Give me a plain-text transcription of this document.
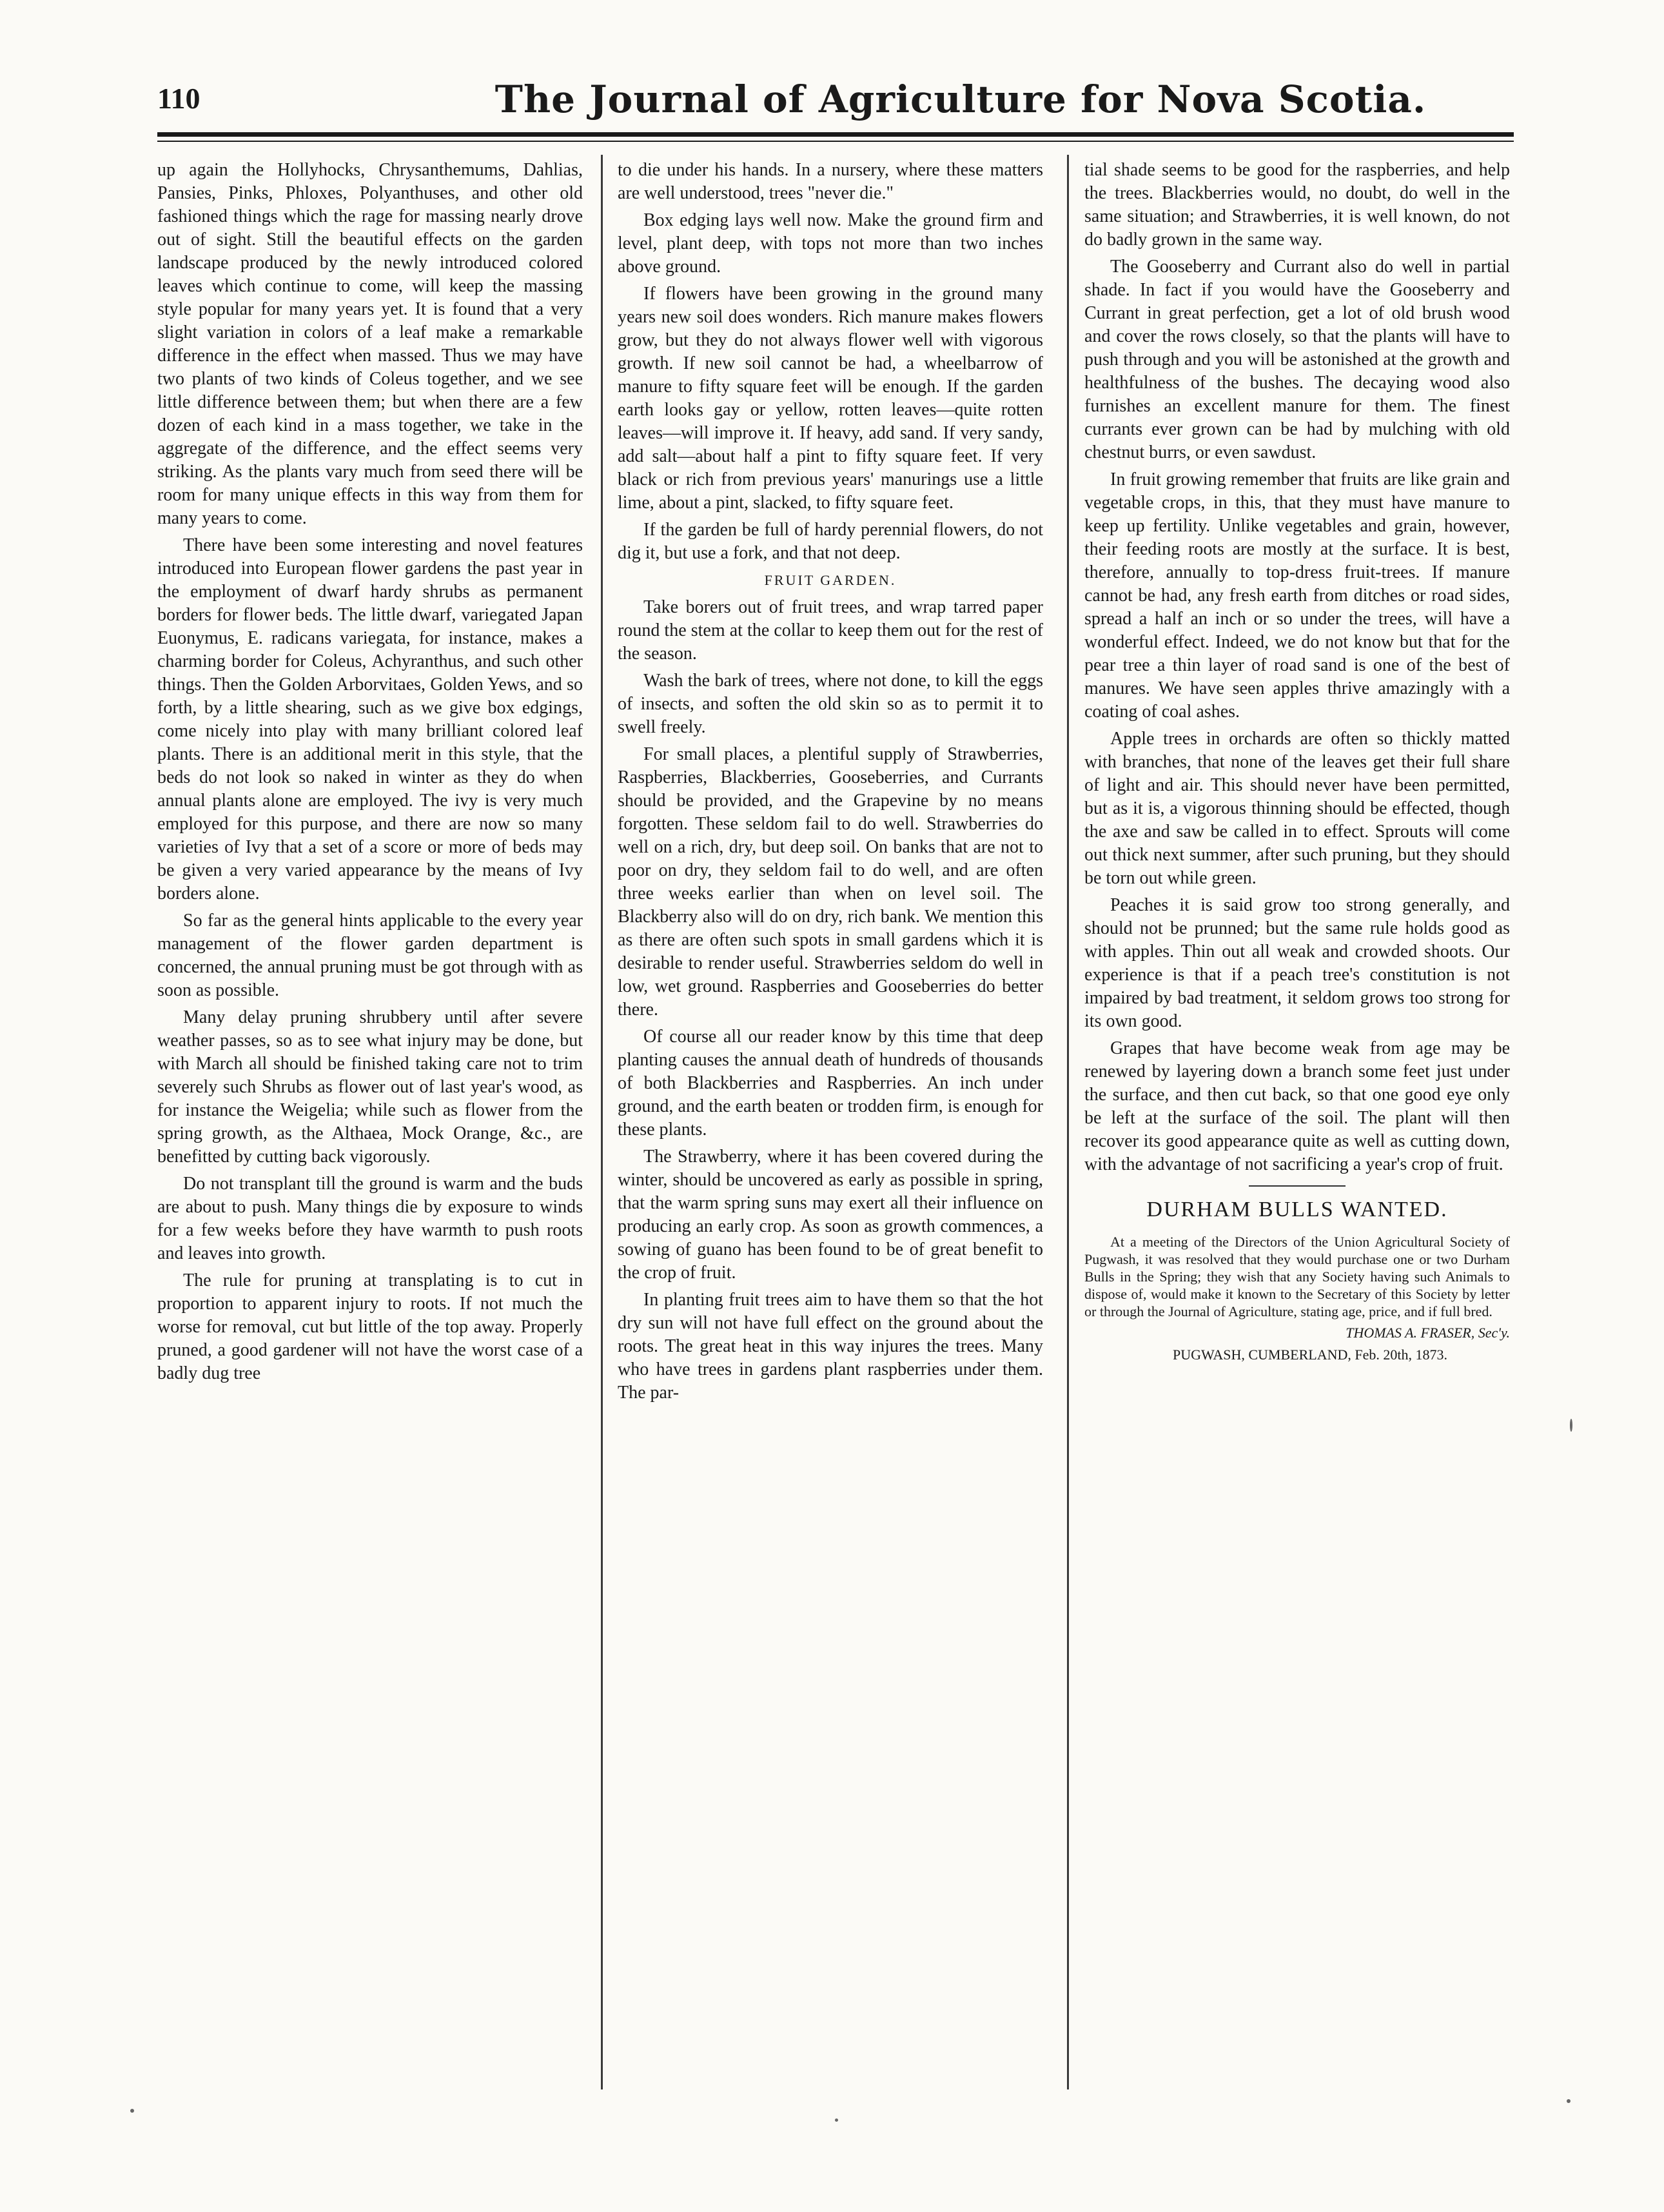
110	The Journal of Agriculture for Nova Scotia.

up again the Hollyhocks, Chrysanthemums, Dahlias, Pansies, Pinks, Phloxes, Polyanthuses, and other old fashioned things which the rage for massing nearly drove out of sight. Still the beautiful effects on the garden landscape produced by the newly introduced colored leaves which continue to come, will keep the massing style popular for many years yet. It is found that a very slight variation in colors of a leaf make a remarkable difference in the effect when massed. Thus we may have two plants of two kinds of Coleus together, and we see little difference between them; but when there are a few dozen of each kind in a mass together, we take in the aggregate of the difference, and the effect seems very striking. As the plants vary much from seed there will be room for many unique effects in this way from them for many years to come.

There have been some interesting and novel features introduced into European flower gardens the past year in the employment of dwarf hardy shrubs as permanent borders for flower beds. The little dwarf, variegated Japan Euonymus, E. radicans variegata, for instance, makes a charming border for Coleus, Achyranthus, and such other things. Then the Golden Arborvitaes, Golden Yews, and so forth, by a little shearing, such as we give box edgings, come nicely into play with many brilliant colored leaf plants. There is an additional merit in this style, that the beds do not look so naked in winter as they do when annual plants alone are employed. The ivy is very much employed for this purpose, and there are now so many varieties of Ivy that a set of a score or more of beds may be given a very varied appearance by the means of Ivy borders alone.

So far as the general hints applicable to the every year management of the flower garden department is concerned, the annual pruning must be got through with as soon as possible.

Many delay pruning shrubbery until after severe weather passes, so as to see what injury may be done, but with March all should be finished taking care not to trim severely such Shrubs as flower out of last year's wood, as for instance the Weigelia; while such as flower from the spring growth, as the Althaea, Mock Orange, &c., are benefitted by cutting back vigorously.

Do not transplant till the ground is warm and the buds are about to push. Many things die by exposure to winds for a few weeks before they have warmth to push roots and leaves into growth.

The rule for pruning at transplating is to cut in proportion to apparent injury to roots. If not much the worse for removal, cut but little of the top away. Properly pruned, a good gardener will not have the worst case of a badly dug tree

to die under his hands. In a nursery, where these matters are well understood, trees "never die."

Box edging lays well now. Make the ground firm and level, plant deep, with tops not more than two inches above ground.

If flowers have been growing in the ground many years new soil does wonders. Rich manure makes flowers grow, but they do not always flower well with vigorous growth. If new soil cannot be had, a wheelbarrow of manure to fifty square feet will be enough. If the garden earth looks gay or yellow, rotten leaves—quite rotten leaves—will improve it. If heavy, add sand. If very sandy, add salt—about half a pint to fifty square feet. If very black or rich from previous years' manurings use a little lime, about a pint, slacked, to fifty square feet.

If the garden be full of hardy perennial flowers, do not dig it, but use a fork, and that not deep.

FRUIT GARDEN.

Take borers out of fruit trees, and wrap tarred paper round the stem at the collar to keep them out for the rest of the season.

Wash the bark of trees, where not done, to kill the eggs of insects, and soften the old skin so as to permit it to swell freely.

For small places, a plentiful supply of Strawberries, Raspberries, Blackberries, Gooseberries, and Currants should be provided, and the Grapevine by no means forgotten. These seldom fail to do well. Strawberries do well on a rich, dry, but deep soil. On banks that are not to poor on dry, they seldom fail to do well, and are often three weeks earlier than when on level soil. The Blackberry also will do on dry, rich bank. We mention this as there are often such spots in small gardens which it is desirable to render useful. Strawberries seldom do well in low, wet ground. Raspberries and Gooseberries do better there.

Of course all our reader know by this time that deep planting causes the annual death of hundreds of thousands of both Blackberries and Raspberries. An inch under ground, and the earth beaten or trodden firm, is enough for these plants.

The Strawberry, where it has been covered during the winter, should be uncovered as early as possible in spring, that the warm spring suns may exert all their influence on producing an early crop. As soon as growth commences, a sowing of guano has been found to be of great benefit to the crop of fruit.

In planting fruit trees aim to have them so that the hot dry sun will not have full effect on the ground about the roots. The great heat in this way injures the trees. Many who have trees in gardens plant raspberries under them. The par-

tial shade seems to be good for the raspberries, and help the trees. Blackberries would, no doubt, do well in the same situation; and Strawberries, it is well known, do not do badly grown in the same way.

The Gooseberry and Currant also do well in partial shade. In fact if you would have the Gooseberry and Currant in great perfection, get a lot of old brush wood and cover the rows closely, so that the plants will have to push through and you will be astonished at the growth and healthfulness of the bushes. The decaying wood also furnishes an excellent manure for them. The finest currants ever grown can be had by mulching with old chestnut burrs, or even sawdust.

In fruit growing remember that fruits are like grain and vegetable crops, in this, that they must have manure to keep up fertility. Unlike vegetables and grain, however, their feeding roots are mostly at the surface. It is best, therefore, annually to top-dress fruit-trees. If manure cannot be had, any fresh earth from ditches or road sides, spread a half an inch or so under the trees, will have a wonderful effect. Indeed, we do not know but that for the pear tree a thin layer of road sand is one of the best of manures. We have seen apples thrive amazingly with a coating of coal ashes.

Apple trees in orchards are often so thickly matted with branches, that none of the leaves get their full share of light and air. This should never have been permitted, but as it is, a vigorous thinning should be effected, though the axe and saw be called in to effect. Sprouts will come out thick next summer, after such pruning, but they should be torn out while green.

Peaches it is said grow too strong generally, and should not be prunned; but the same rule holds good as with apples. Thin out all weak and crowded shoots. Our experience is that if a peach tree's constitution is not impaired by bad treatment, it seldom grows too strong for its own good.

Grapes that have become weak from age may be renewed by layering down a branch some feet just under the surface, and then cut back, so that one good eye only be left at the surface of the soil. The plant will then recover its good appearance quite as well as cutting down, with the advantage of not sacrificing a year's crop of fruit.

DURHAM BULLS WANTED.

At a meeting of the Directors of the Union Agricultural Society of Pugwash, it was resolved that they would purchase one or two Durham Bulls in the Spring; they wish that any Society having such Animals to dispose of, would make it known to the Secretary of this Society by letter or through the Journal of Agriculture, stating age, price, and if full bred.

THOMAS A. FRASER, Sec'y.

PUGWASH, CUMBERLAND, Feb. 20th, 1873.
